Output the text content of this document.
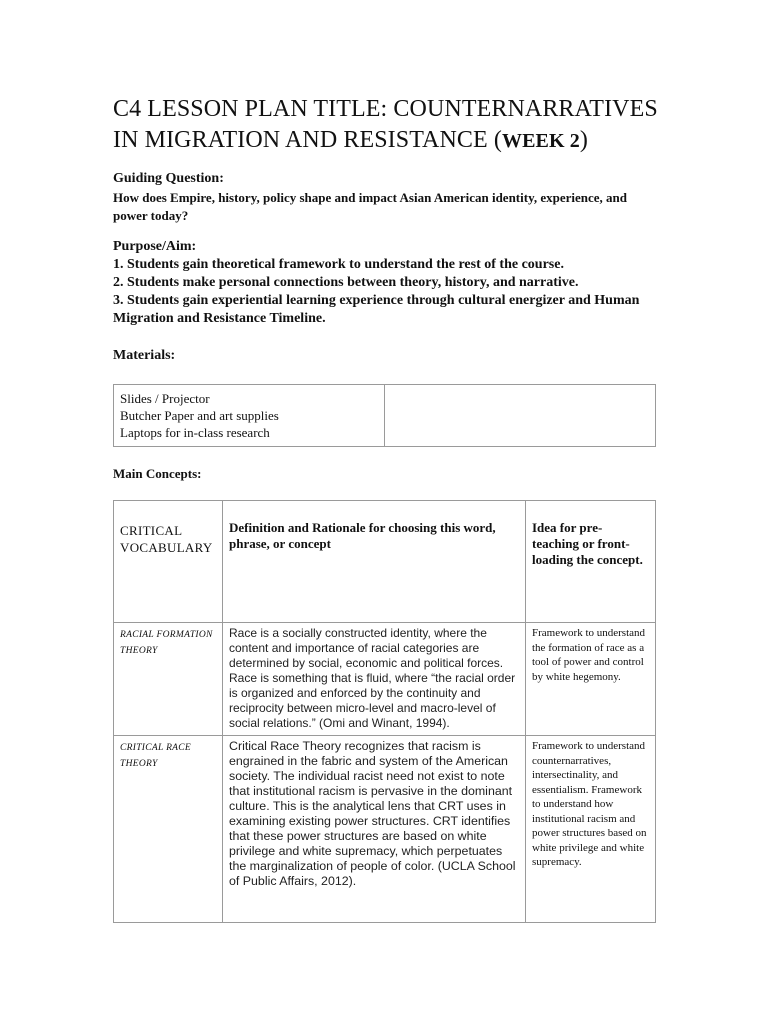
C4 LESSON PLAN TITLE: COUNTERNARRATIVES IN MIGRATION AND RESISTANCE (WEEK 2)
Guiding Question:
How does Empire, history, policy shape and impact Asian American identity, experience, and power today?
Purpose/Aim:
1. Students gain theoretical framework to understand the rest of the course.
2. Students make personal connections between theory, history, and narrative.
3. Students gain experiential learning experience through cultural energizer and Human Migration and Resistance Timeline.
Materials:
Slides / Projector
Butcher Paper and art supplies
Laptops for in-class research

Main Concepts:
CRITICAL VOCABULARY	Definition and Rationale for choosing this word, phrase, or concept	Idea for pre-teaching or front-loading the concept.
RACIAL FORMATION THEORY	Race is a socially constructed identity, where the content and importance of racial categories are determined by social, economic and political forces. Race is something that is fluid, where “the racial order is organized and enforced by the continuity and reciprocity between micro-level and macro-level of social relations.” (Omi and Winant, 1994).	Framework to understand the formation of race as a tool of power and control by white hegemony.
CRITICAL RACE THEORY	Critical Race Theory recognizes that racism is engrained in the fabric and system of the American society. The individual racist need not exist to note that institutional racism is pervasive in the dominant culture. This is the analytical lens that CRT uses in examining existing power structures. CRT identifies that these power structures are based on white privilege and white supremacy, which perpetuates the marginalization of people of color. (UCLA School of Public Affairs, 2012).	Framework to understand counternarratives, intersectinality, and essentialism. Framework to understand how institutional racism and power structures based on white privilege and white supremacy.
